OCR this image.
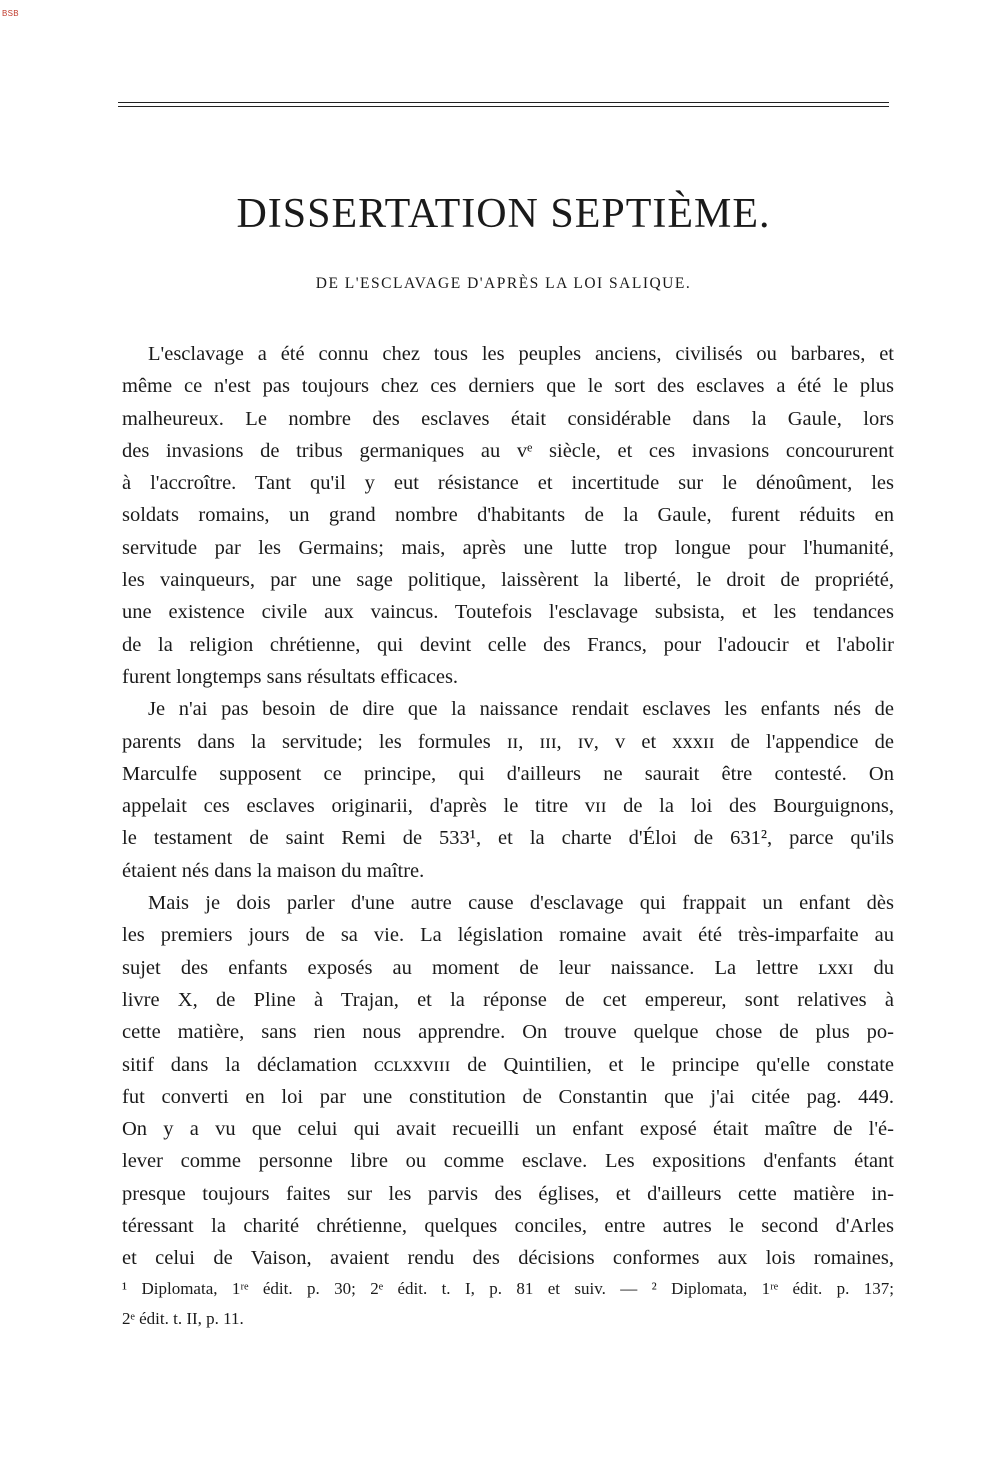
BSB
DISSERTATION SEPTIÈME.
DE L'ESCLAVAGE D'APRÈS LA LOI SALIQUE.
L'esclavage a été connu chez tous les peuples anciens, civilisés ou barbares, et
même ce n'est pas toujours chez ces derniers que le sort des esclaves a été le plus
malheureux. Le nombre des esclaves était considérable dans la Gaule, lors
des invasions de tribus germaniques au vᵉ siècle, et ces invasions concoururent
à l'accroître. Tant qu'il y eut résistance et incertitude sur le dénoûment, les
soldats romains, un grand nombre d'habitants de la Gaule, furent réduits en
servitude par les Germains; mais, après une lutte trop longue pour l'humanité,
les vainqueurs, par une sage politique, laissèrent la liberté, le droit de propriété,
une existence civile aux vaincus. Toutefois l'esclavage subsista, et les tendances
de la religion chrétienne, qui devint celle des Francs, pour l'adoucir et l'abolir
furent longtemps sans résultats efficaces.
Je n'ai pas besoin de dire que la naissance rendait esclaves les enfants nés de
parents dans la servitude; les formules ɪɪ, ɪɪɪ, ɪᴠ, ᴠ et xxxɪɪ de l'appendice de
Marculfe supposent ce principe, qui d'ailleurs ne saurait être contesté. On
appelait ces esclaves originarii, d'après le titre ᴠɪɪ de la loi des Bourguignons,
le testament de saint Remi de 533¹, et la charte d'Éloi de 631², parce qu'ils
étaient nés dans la maison du maître.
Mais je dois parler d'une autre cause d'esclavage qui frappait un enfant dès
les premiers jours de sa vie. La législation romaine avait été très-imparfaite au
sujet des enfants exposés au moment de leur naissance. La lettre ʟxxɪ du
livre X, de Pline à Trajan, et la réponse de cet empereur, sont relatives à
cette matière, sans rien nous apprendre. On trouve quelque chose de plus po-
sitif dans la déclamation ᴄᴄʟxxᴠɪɪɪ de Quintilien, et le principe qu'elle constate
fut converti en loi par une constitution de Constantin que j'ai citée pag. 449.
On y a vu que celui qui avait recueilli un enfant exposé était maître de l'é-
lever comme personne libre ou comme esclave. Les expositions d'enfants étant
presque toujours faites sur les parvis des églises, et d'ailleurs cette matière in-
téressant la charité chrétienne, quelques conciles, entre autres le second d'Arles
et celui de Vaison, avaient rendu des décisions conformes aux lois romaines,
¹ Diplomata, 1ʳᵉ édit. p. 30; 2ᵉ édit. t. I, p. 81 et suiv. — ² Diplomata, 1ʳᵉ édit. p. 137;
2ᵉ édit. t. II, p. 11.
